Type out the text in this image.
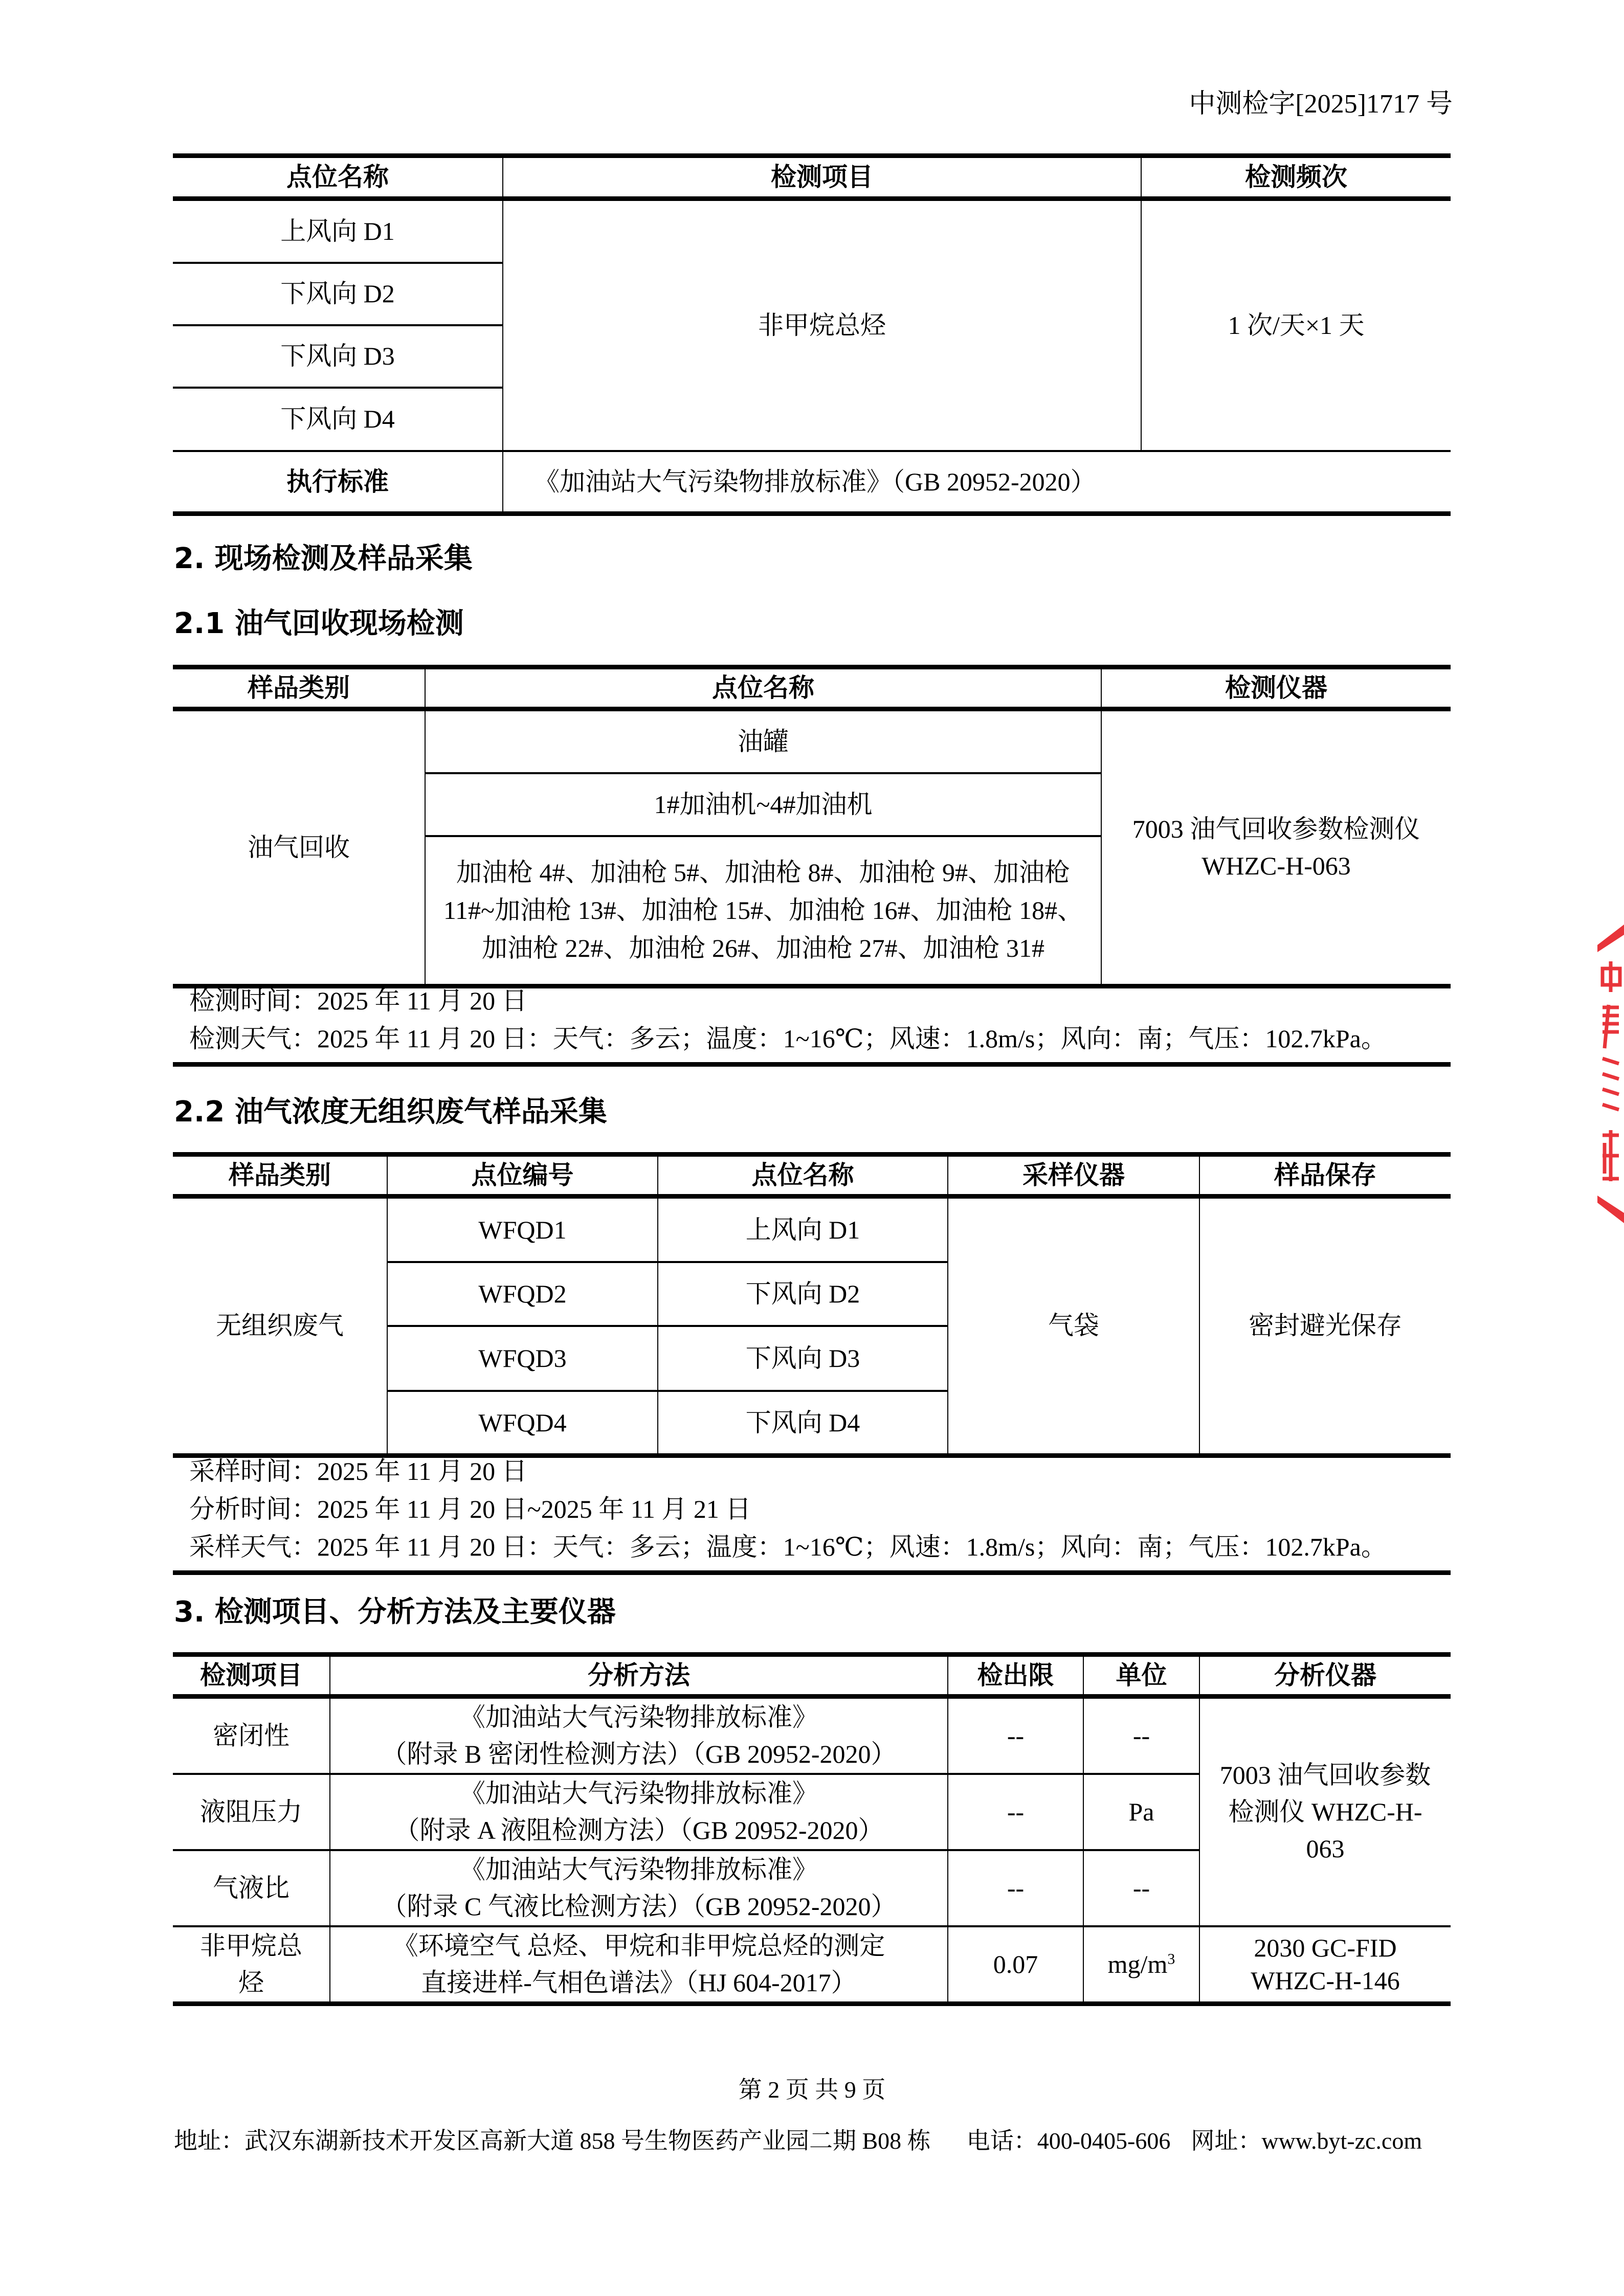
中测检字[2025]1717 号
点位名称	检测项目	检测频次
上风向 D1	非甲烷总烃	1 次/天×1 天
下风向 D2		
下风向 D3		
下风向 D4		
执行标准	《加油站大气污染物排放标准》（GB 20952-2020）	
2. 现场检测及样品采集
2.1 油气回收现场检测
样品类别	点位名称	检测仪器
油气回收	油罐	7003 油气回收参数检测仪 WHZC-H-063
	1#加油机~4#加油机	
	加油枪 4#、加油枪 5#、加油枪 8#、加油枪 9#、加油枪 11#~加油枪 13#、加油枪 15#、加油枪 16#、加油枪 18#、加油枪 22#、加油枪 26#、加油枪 27#、加油枪 31#	
检测时间：2025 年 11 月 20 日
检测天气：2025 年 11 月 20 日：天气：多云；温度：1~16℃；风速：1.8m/s；风向：南；气压：102.7kPa。
2.2 油气浓度无组织废气样品采集
样品类别	点位编号	点位名称	采样仪器	样品保存
无组织废气	WFQD1	上风向 D1	气袋	密封避光保存
	WFQD2	下风向 D2		
	WFQD3	下风向 D3		
	WFQD4	下风向 D4		
采样时间：2025 年 11 月 20 日
分析时间：2025 年 11 月 20 日~2025 年 11 月 21 日
采样天气：2025 年 11 月 20 日：天气：多云；温度：1~16℃；风速：1.8m/s；风向：南；气压：102.7kPa。
3. 检测项目、分析方法及主要仪器
检测项目	分析方法	检出限	单位	分析仪器
密闭性	《加油站大气污染物排放标准》
（附录 B 密闭性检测方法）（GB 20952-2020）	--	--	7003 油气回收参数检测仪 WHZC-H-063
液阻压力	《加油站大气污染物排放标准》
（附录 A 液阻检测方法）（GB 20952-2020）	--	Pa	
气液比	《加油站大气污染物排放标准》
（附录 C 气液比检测方法）（GB 20952-2020）	--	--	
非甲烷总烃	《环境空气 总烃、甲烷和非甲烷总烃的测定
直接进样-气相色谱法》（HJ 604-2017）	0.07	$mg/m^3$	2030 GC-FID WHZC-H-146
第 2 页 共 9 页
地址：武汉东湖新技术开发区高新大道 858 号生物医药产业园二期 B08 栋 电话：400-0405-606 网址：www.byt-zc.com
